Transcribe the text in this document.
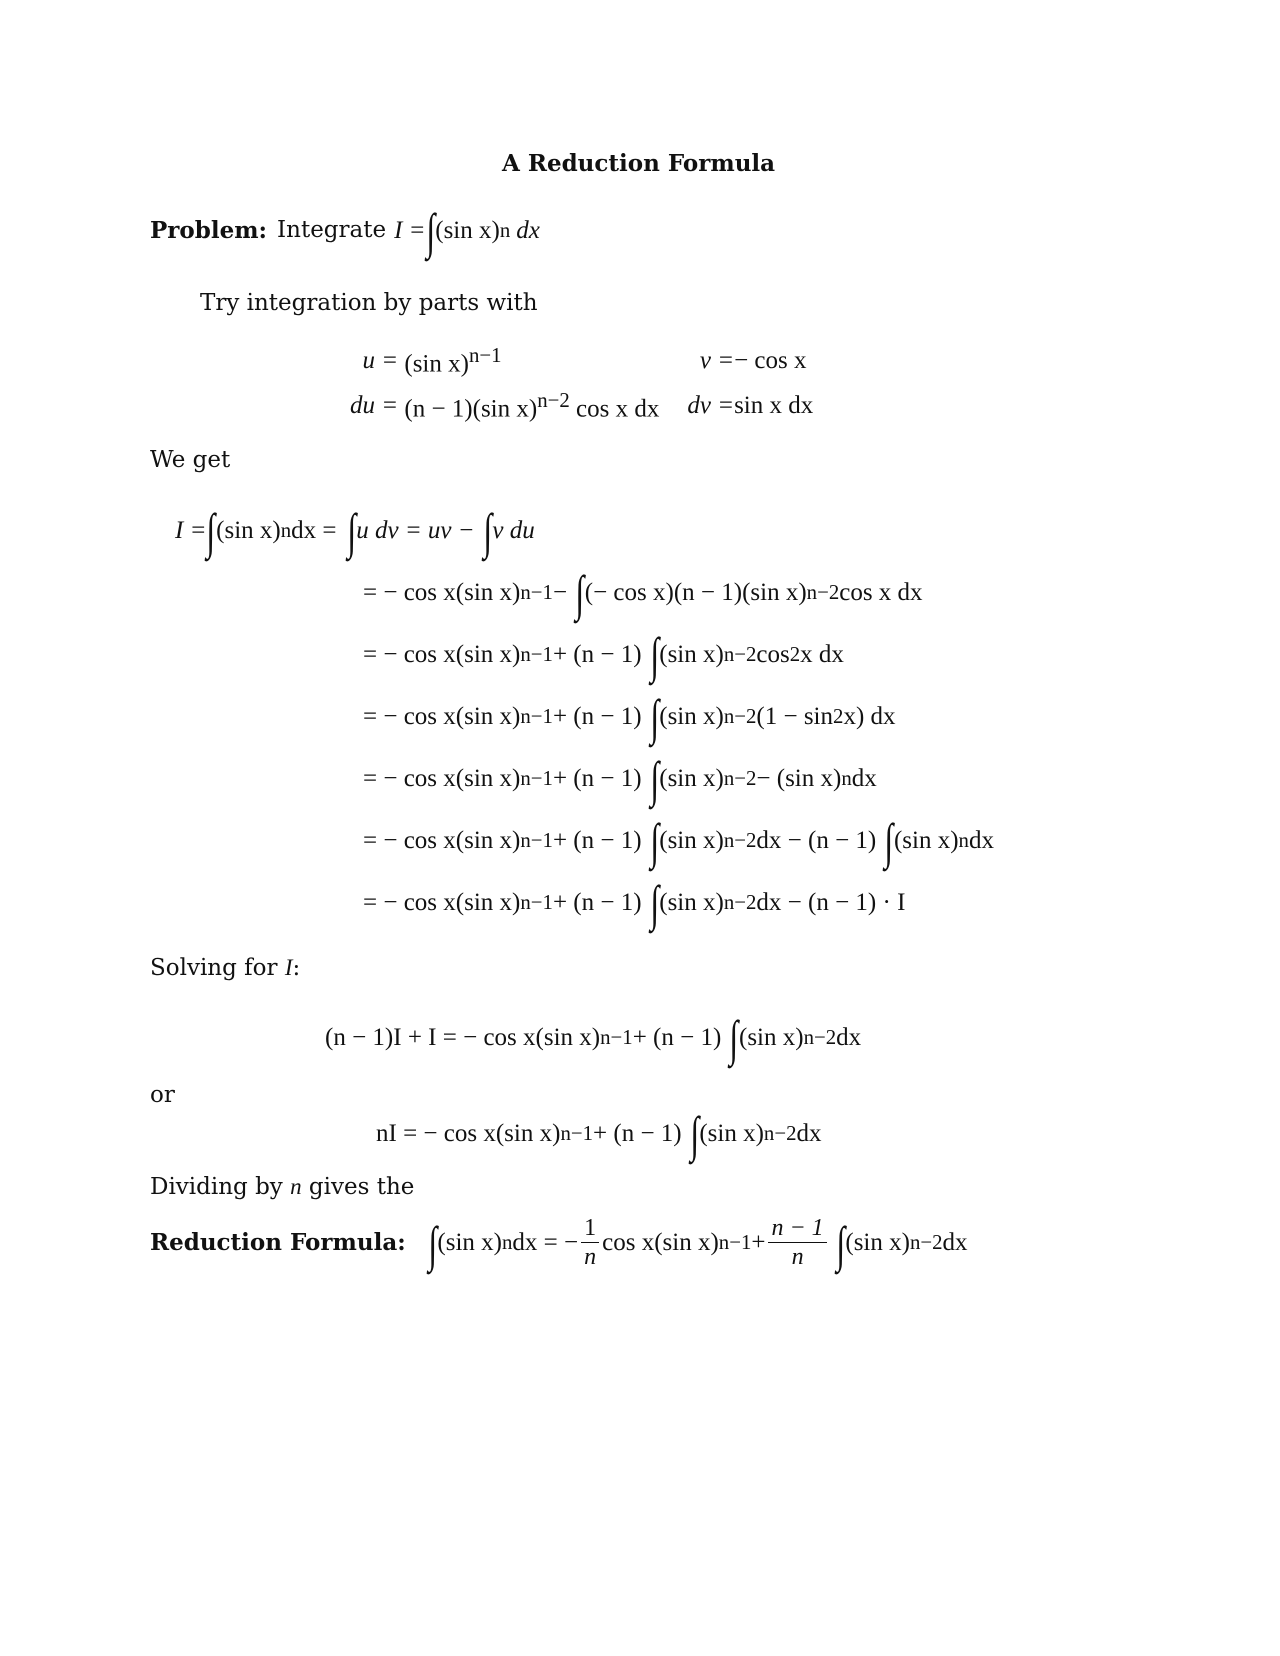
A Reduction Formula
Problem: Integrate I = ∫ (sin x) n dx
Try integration by parts with
u =	(sin x)$^{n-1}$		v =	− cos x
du =	(n − 1)(sin x)$^{n-2}$ cos x dx		dv =	sin x dx
We get
I = ∫ (sin x) n dx = ∫ u dv = uv − ∫ v du
= − cos x(sin x) n−1 − ∫ (− cos x)(n − 1)(sin x) n−2 cos x dx
= − cos x(sin x) n−1 + (n − 1) ∫ (sin x) n−2 cos 2 x dx
= − cos x(sin x) n−1 + (n − 1) ∫ (sin x) n−2 (1 − sin 2 x) dx
= − cos x(sin x) n−1 + (n − 1) ∫ (sin x) n−2 − (sin x) n dx
= − cos x(sin x) n−1 + (n − 1) ∫ (sin x) n−2 dx − (n − 1) ∫ (sin x) n dx
= − cos x(sin x) n−1 + (n − 1) ∫ (sin x) n−2 dx − (n − 1) · I
Solving for I:
(n − 1)I + I = − cos x(sin x) n−1 + (n − 1) ∫ (sin x) n−2 dx
or
nI = − cos x(sin x) n−1 + (n − 1) ∫ (sin x) n−2 dx
Dividing by n gives the
Reduction Formula: ∫ (sin x) n dx = − $\frac{1}{n}$ cos x(sin x) $n-1 + \frac{n - 1}{n}$ ∫ (sin x) n−2 dx
